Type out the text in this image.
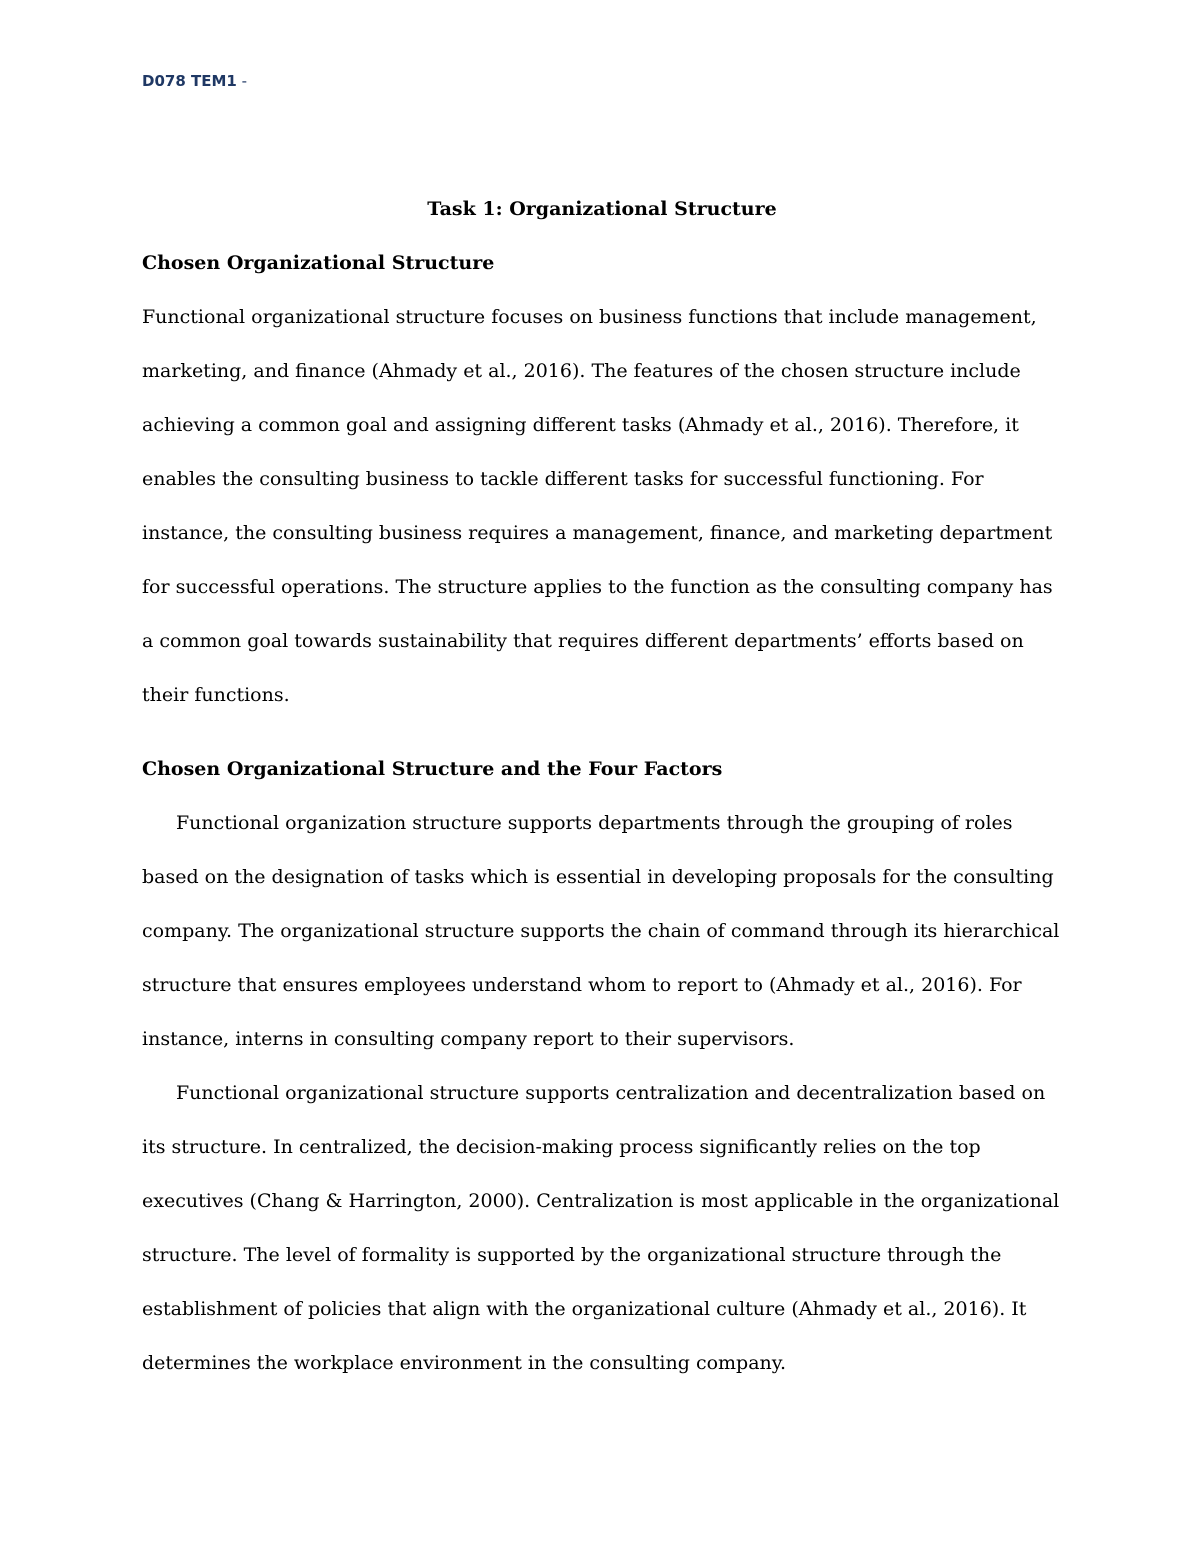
D078 TEM1 -

Task 1: Organizational Structure

Chosen Organizational Structure

Functional organizational structure focuses on business functions that include management, marketing, and finance (Ahmady et al., 2016). The features of the chosen structure include achieving a common goal and assigning different tasks (Ahmady et al., 2016). Therefore, it enables the consulting business to tackle different tasks for successful functioning. For instance, the consulting business requires a management, finance, and marketing department for successful operations. The structure applies to the function as the consulting company has a common goal towards sustainability that requires different departments’ efforts based on their functions.

Chosen Organizational Structure and the Four Factors

Functional organization structure supports departments through the grouping of roles based on the designation of tasks which is essential in developing proposals for the consulting company. The organizational structure supports the chain of command through its hierarchical structure that ensures employees understand whom to report to (Ahmady et al., 2016). For instance, interns in consulting company report to their supervisors.

Functional organizational structure supports centralization and decentralization based on its structure. In centralized, the decision-making process significantly relies on the top executives (Chang & Harrington, 2000). Centralization is most applicable in the organizational structure. The level of formality is supported by the organizational structure through the establishment of policies that align with the organizational culture (Ahmady et al., 2016). It determines the workplace environment in the consulting company.
